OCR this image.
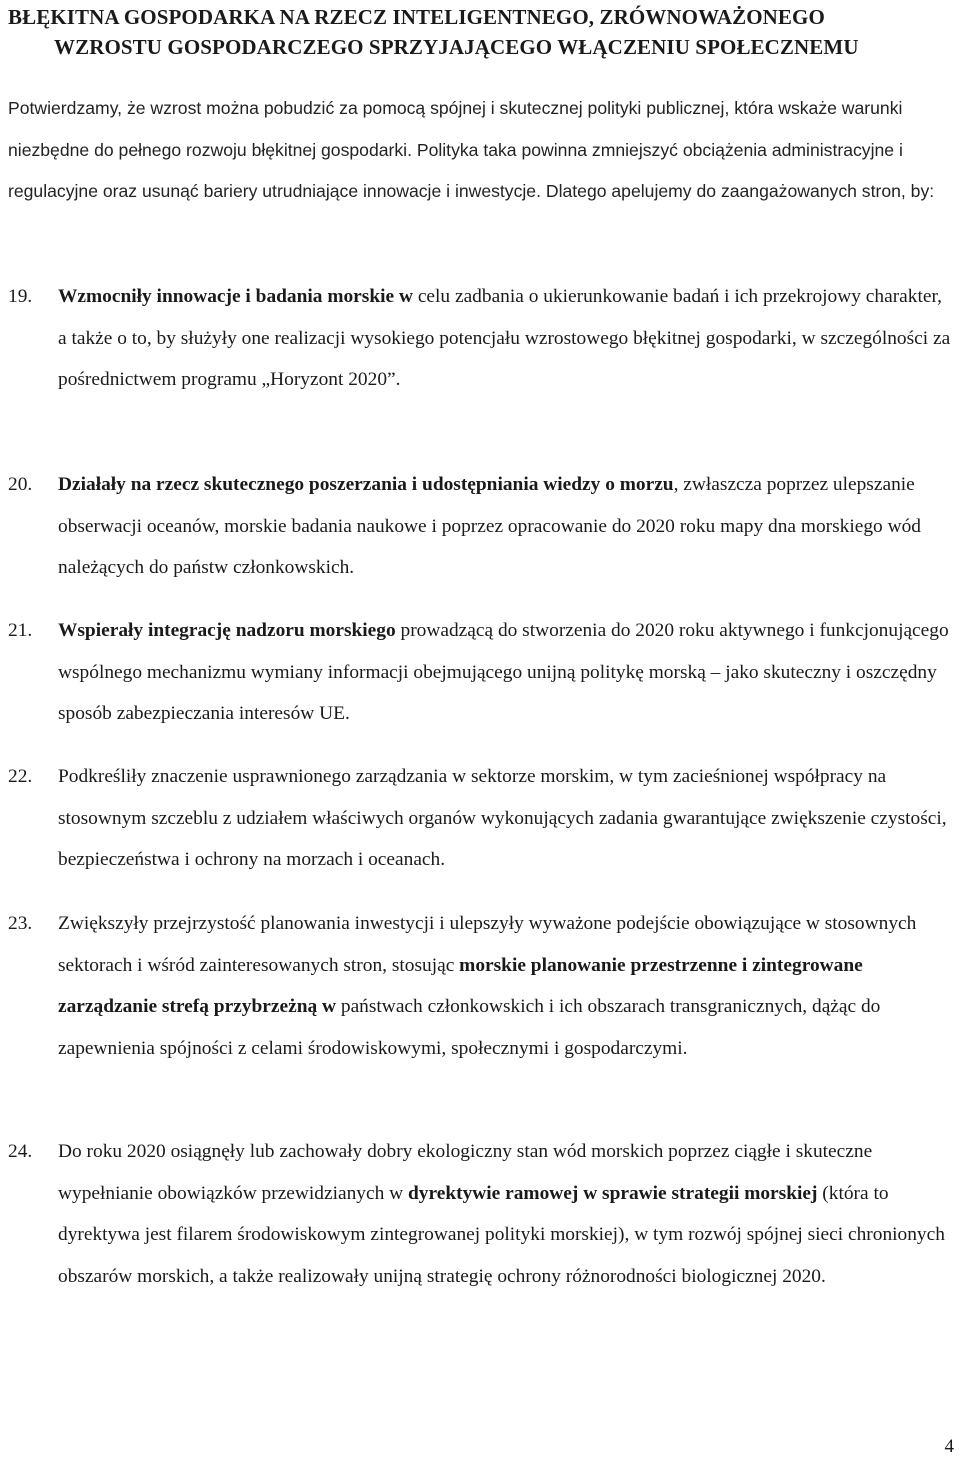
BŁĘKITNA GOSPODARKA NA RZECZ INTELIGENTNEGO, ZRÓWNOWAŻONEGO
WZROSTU GOSPODARCZEGO SPRZYJAJĄCEGO WŁĄCZENIU SPOŁECZNEMU
Potwierdzamy, że wzrost można pobudzić za pomocą spójnej i skutecznej polityki publicznej, która wskaże warunki niezbędne do pełnego rozwoju błękitnej gospodarki. Polityka taka powinna zmniejszyć obciążenia administracyjne i regulacyjne oraz usunąć bariery utrudniające innowacje i inwestycje. Dlatego apelujemy do zaangażowanych stron, by:
19.	Wzmocniły innowacje i badania morskie w celu zadbania o ukierunkowanie badań i ich przekrojowy charakter, a także o to, by służyły one realizacji wysokiego potencjału wzrostowego błękitnej gospodarki, w szczególności za pośrednictwem programu „Horyzont 2020”.
20.	Działały na rzecz skutecznego poszerzania i udostępniania wiedzy o morzu, zwłaszcza poprzez ulepszanie obserwacji oceanów, morskie badania naukowe i poprzez opracowanie do 2020 roku mapy dna morskiego wód należących do państw członkowskich.
21.	Wspierały integrację nadzoru morskiego prowadzącą do stworzenia do 2020 roku aktywnego i funkcjonującego wspólnego mechanizmu wymiany informacji obejmującego unijną politykę morską – jako skuteczny i oszczędny sposób zabezpieczania interesów UE.
22.	Podkreśliły znaczenie usprawnionego zarządzania w sektorze morskim, w tym zacieśnionej współpracy na stosownym szczeblu z udziałem właściwych organów wykonujących zadania gwarantujące zwiększenie czystości, bezpieczeństwa i ochrony na morzach i oceanach.
23.	Zwiększyły przejrzystość planowania inwestycji i ulepszyły wyważone podejście obowiązujące w stosownych sektorach i wśród zainteresowanych stron, stosując morskie planowanie przestrzenne i zintegrowane zarządzanie strefą przybrzeżną w państwach członkowskich i ich obszarach transgranicznych, dążąc do zapewnienia spójności z celami środowiskowymi, społecznymi i gospodarczymi.
24.	Do roku 2020 osiągnęły lub zachowały dobry ekologiczny stan wód morskich poprzez ciągłe i skuteczne wypełnianie obowiązków przewidzianych w dyrektywie ramowej w sprawie strategii morskiej (która to dyrektywa jest filarem środowiskowym zintegrowanej polityki morskiej), w tym rozwój spójnej sieci chronionych obszarów morskich, a także realizowały unijną strategię ochrony różnorodności biologicznej 2020.
4
